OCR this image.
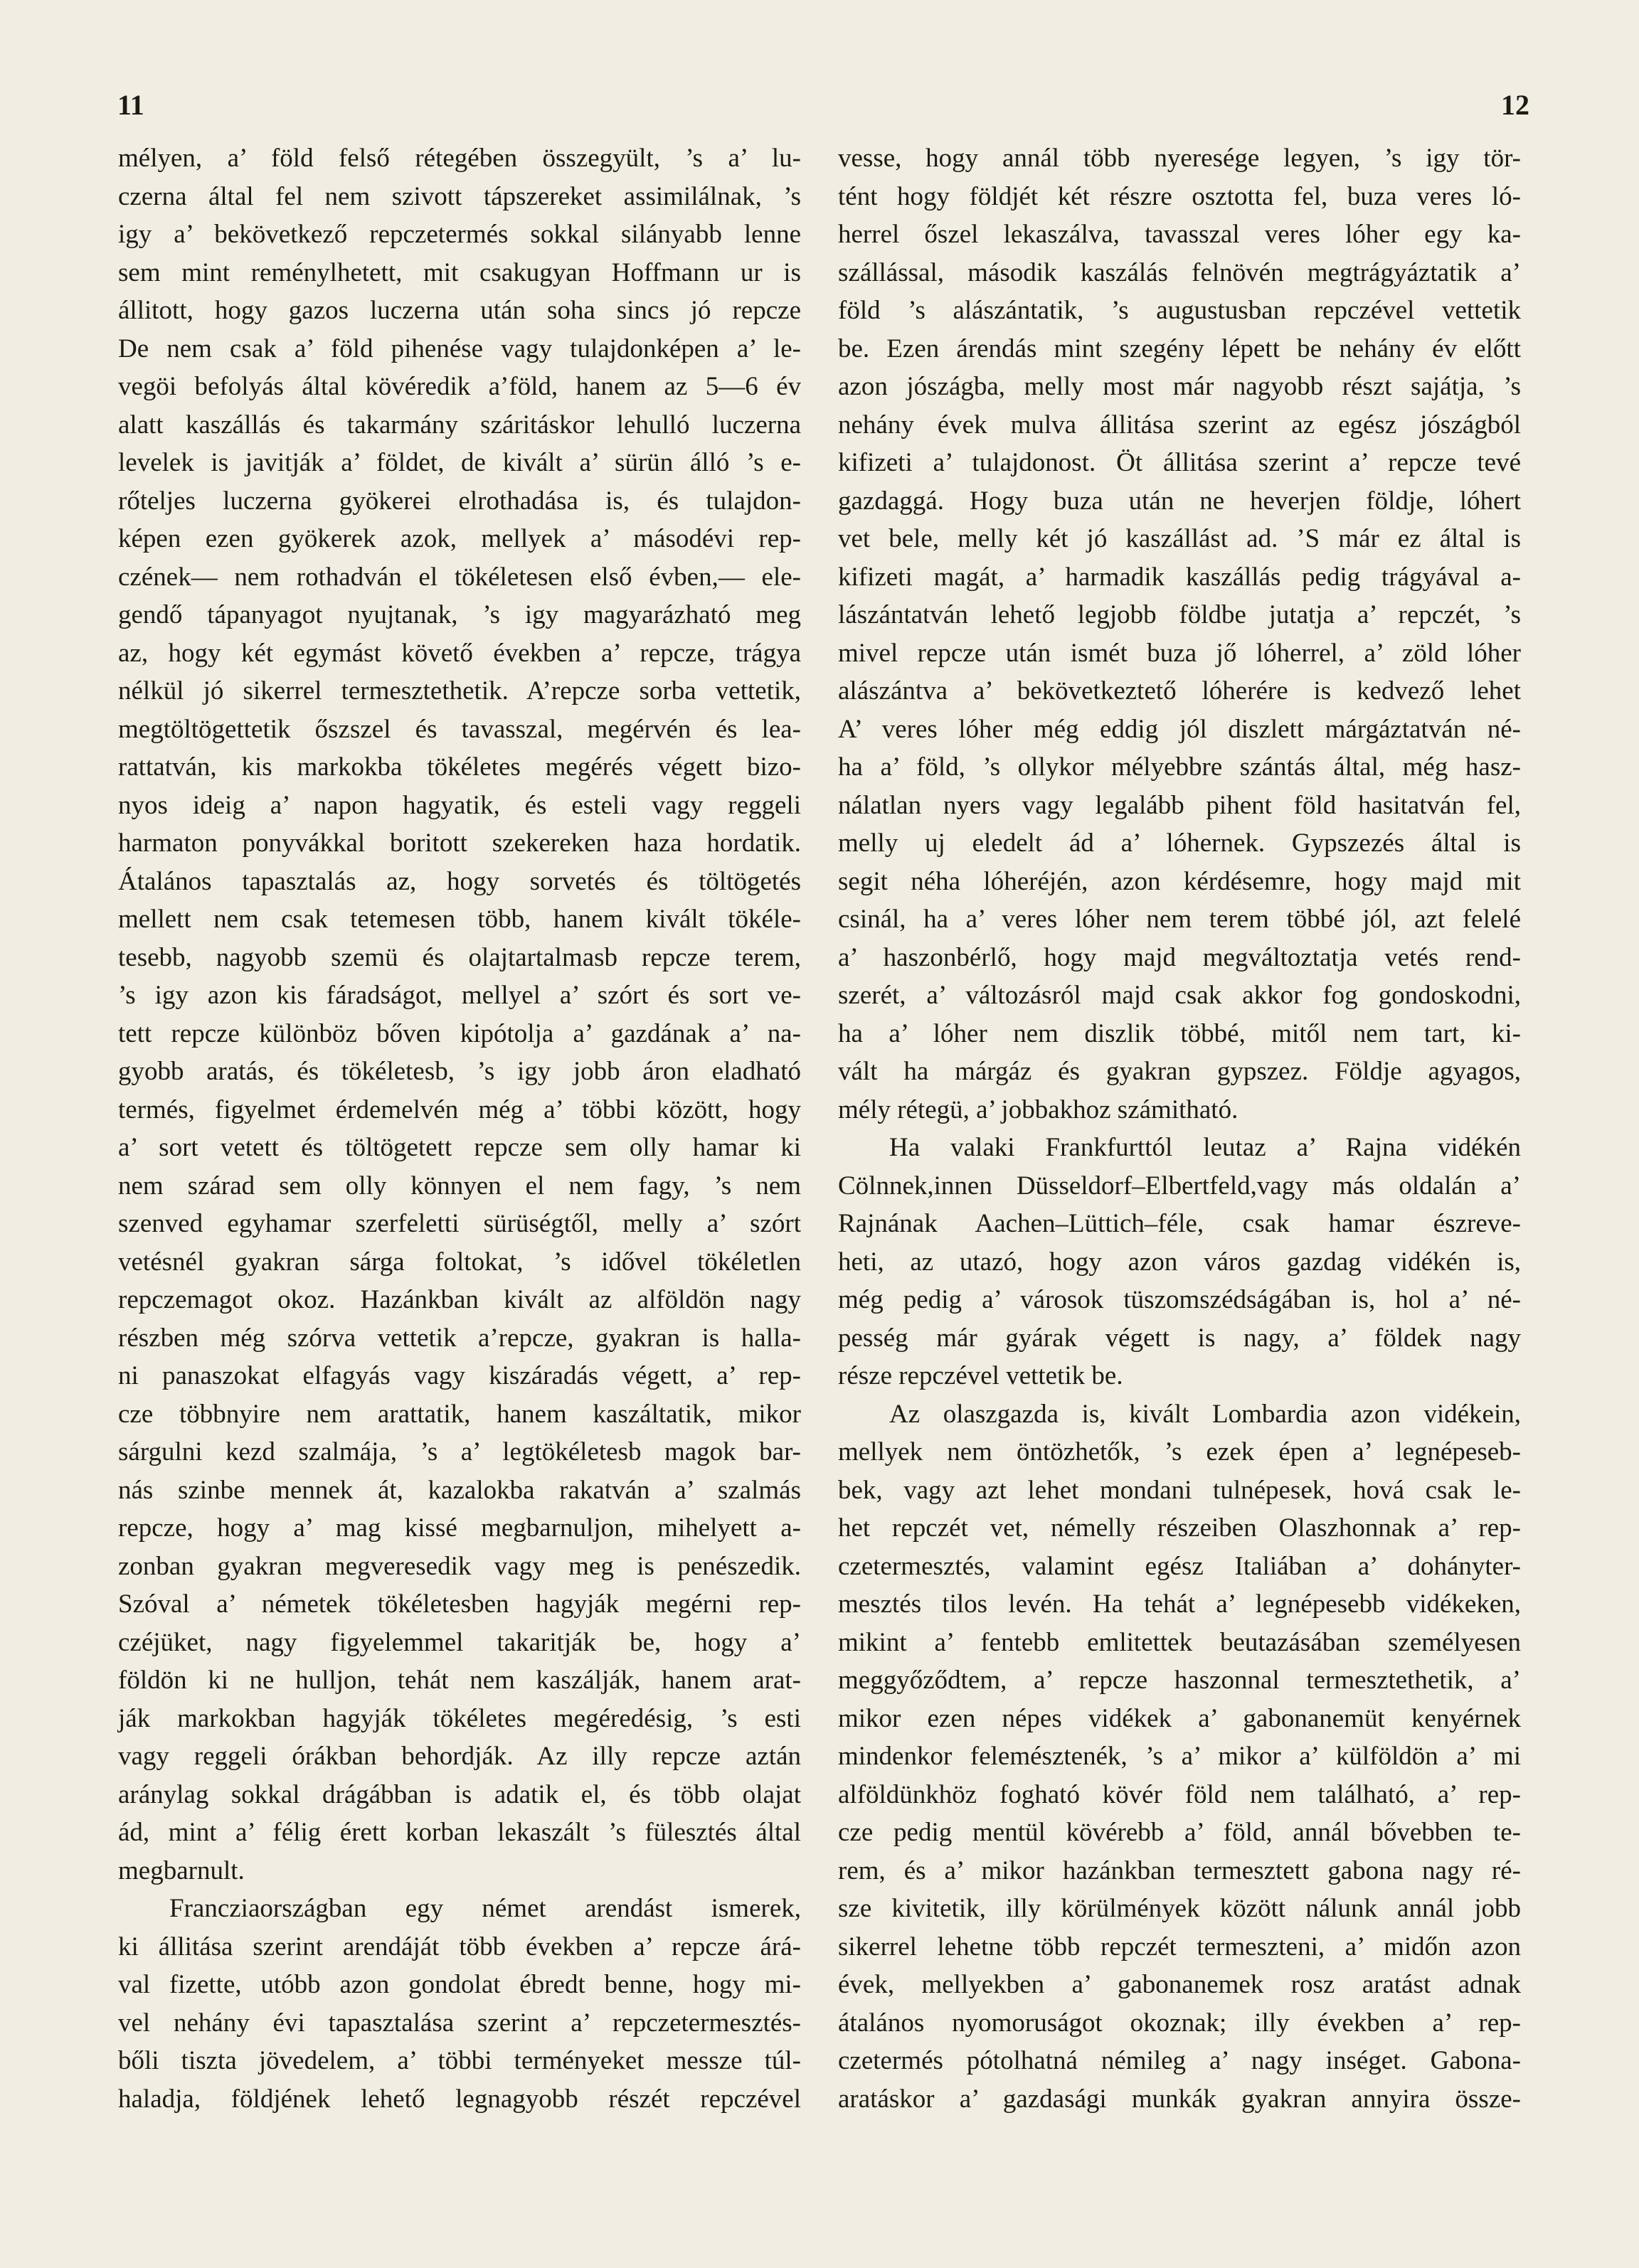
11	12
mélyen, a’ föld felső rétegében összegyült, ’s a’ lu-
czerna által fel nem szivott tápszereket assimilálnak, ’s
igy a’ bekövetkező repczetermés sokkal silányabb lenne
sem mint reménylhetett, mit csakugyan Hoffmann ur is
állitott, hogy gazos luczerna után soha sincs jó repcze
De nem csak a’ föld pihenése vagy tulajdonképen a’ le-
vegöi befolyás által kövéredik a’föld, hanem az 5—6 év
alatt kaszállás és takarmány száritáskor lehulló luczerna
levelek is javitják a’ földet, de kivált a’ sürün álló ’s e-
rőteljes luczerna gyökerei elrothadása is, és tulajdon-
képen ezen gyökerek azok, mellyek a’ másodévi rep-
czének— nem rothadván el tökéletesen első évben,— ele-
gendő tápanyagot nyujtanak, ’s igy magyarázható meg
az, hogy két egymást követő években a’ repcze, trágya
nélkül jó sikerrel termesztethetik. A’repcze sorba vettetik,
megtöltögettetik őszszel és tavasszal, megérvén és lea-
rattatván, kis markokba tökéletes megérés végett bizo-
nyos ideig a’ napon hagyatik, és esteli vagy reggeli
harmaton ponyvákkal boritott szekereken haza hordatik.
Átalános tapasztalás az, hogy sorvetés és töltögetés
mellett nem csak tetemesen több, hanem kivált tökéle-
tesebb, nagyobb szemü és olajtartalmasb repcze terem,
’s igy azon kis fáradságot, mellyel a’ szórt és sort ve-
tett repcze különböz bőven kipótolja a’ gazdának a’ na-
gyobb aratás, és tökéletesb, ’s igy jobb áron eladható
termés, figyelmet érdemelvén még a’ többi között, hogy
a’ sort vetett és töltögetett repcze sem olly hamar ki
nem szárad sem olly könnyen el nem fagy, ’s nem
szenved egyhamar szerfeletti sürüségtől, melly a’ szórt
vetésnél gyakran sárga foltokat, ’s idővel tökéletlen
repczemagot okoz. Hazánkban kivált az alföldön nagy
részben még szórva vettetik a’repcze, gyakran is halla-
ni panaszokat elfagyás vagy kiszáradás végett, a’ rep-
cze többnyire nem arattatik, hanem kaszáltatik, mikor
sárgulni kezd szalmája, ’s a’ legtökéletesb magok bar-
nás szinbe mennek át, kazalokba rakatván a’ szalmás
repcze, hogy a’ mag kissé megbarnuljon, mihelyett a-
zonban gyakran megveresedik vagy meg is penészedik.
Szóval a’ németek tökéletesben hagyják megérni rep-
czéjüket, nagy figyelemmel takaritják be, hogy a’
földön ki ne hulljon, tehát nem kaszálják, hanem arat-
ják markokban hagyják tökéletes megéredésig, ’s esti
vagy reggeli órákban behordják. Az illy repcze aztán
aránylag sokkal drágábban is adatik el, és több olajat
ád, mint a’ félig érett korban lekaszált ’s fülesztés által
megbarnult.
Francziaországban egy német arendást ismerek,
ki állitása szerint arendáját több években a’ repcze árá-
val fizette, utóbb azon gondolat ébredt benne, hogy mi-
vel nehány évi tapasztalása szerint a’ repczetermesztés-
bőli tiszta jövedelem, a’ többi terményeket messze túl-
haladja, földjének lehető legnagyobb részét repczével
vesse, hogy annál több nyeresége legyen, ’s igy tör-
tént hogy földjét két részre osztotta fel, buza veres ló-
herrel őszel lekaszálva, tavasszal veres lóher egy ka-
szállással, második kaszálás felnövén megtrágyáztatik a’
föld ’s alászántatik, ’s augustusban repczével vettetik
be. Ezen árendás mint szegény lépett be nehány év előtt
azon jószágba, melly most már nagyobb részt sajátja, ’s
nehány évek mulva állitása szerint az egész jószágból
kifizeti a’ tulajdonost. Öt állitása szerint a’ repcze tevé
gazdaggá. Hogy buza után ne heverjen földje, lóhert
vet bele, melly két jó kaszállást ad. ’S már ez által is
kifizeti magát, a’ harmadik kaszállás pedig trágyával a-
lászántatván lehető legjobb földbe jutatja a’ repczét, ’s
mivel repcze után ismét buza jő lóherrel, a’ zöld lóher
alászántva a’ bekövetkeztető lóherére is kedvező lehet
A’ veres lóher még eddig jól diszlett márgáztatván né-
ha a’ föld, ’s ollykor mélyebbre szántás által, még hasz-
nálatlan nyers vagy legalább pihent föld hasitatván fel,
melly uj eledelt ád a’ lóhernek. Gypszezés által is
segit néha lóheréjén, azon kérdésemre, hogy majd mit
csinál, ha a’ veres lóher nem terem többé jól, azt felelé
a’ haszonbérlő, hogy majd megváltoztatja vetés rend-
szerét, a’ változásról majd csak akkor fog gondoskodni,
ha a’ lóher nem diszlik többé, mitől nem tart, ki-
vált ha márgáz és gyakran gypszez. Földje agyagos,
mély rétegü, a’ jobbakhoz számitható.
Ha valaki Frankfurttól leutaz a’ Rajna vidékén
Cölnnek,innen Düsseldorf–Elbertfeld,vagy más oldalán a’
Rajnának Aachen–Lüttich–féle, csak hamar észreve-
heti, az utazó, hogy azon város gazdag vidékén is,
még pedig a’ városok tüszomszédságában is, hol a’ né-
pesség már gyárak végett is nagy, a’ földek nagy
része repczével vettetik be.
Az olaszgazda is, kivált Lombardia azon vidékein,
mellyek nem öntözhetők, ’s ezek épen a’ legnépeseb-
bek, vagy azt lehet mondani tulnépesek, hová csak le-
het repczét vet, némelly részeiben Olaszhonnak a’ rep-
czetermesztés, valamint egész Italiában a’ dohányter-
mesztés tilos levén. Ha tehát a’ legnépesebb vidékeken,
mikint a’ fentebb emlitettek beutazásában személyesen
meggyőződtem, a’ repcze haszonnal termesztethetik, a’
mikor ezen népes vidékek a’ gabonanemüt kenyérnek
mindenkor felemésztenék, ’s a’ mikor a’ külföldön a’ mi
alföldünkhöz fogható kövér föld nem található, a’ rep-
cze pedig mentül kövérebb a’ föld, annál bővebben te-
rem, és a’ mikor hazánkban termesztett gabona nagy ré-
sze kivitetik, illy körülmények között nálunk annál jobb
sikerrel lehetne több repczét termeszteni, a’ midőn azon
évek, mellyekben a’ gabonanemek rosz aratást adnak
átalános nyomoruságot okoznak; illy években a’ rep-
czetermés pótolhatná némileg a’ nagy inséget. Gabona-
aratáskor a’ gazdasági munkák gyakran annyira össze-
